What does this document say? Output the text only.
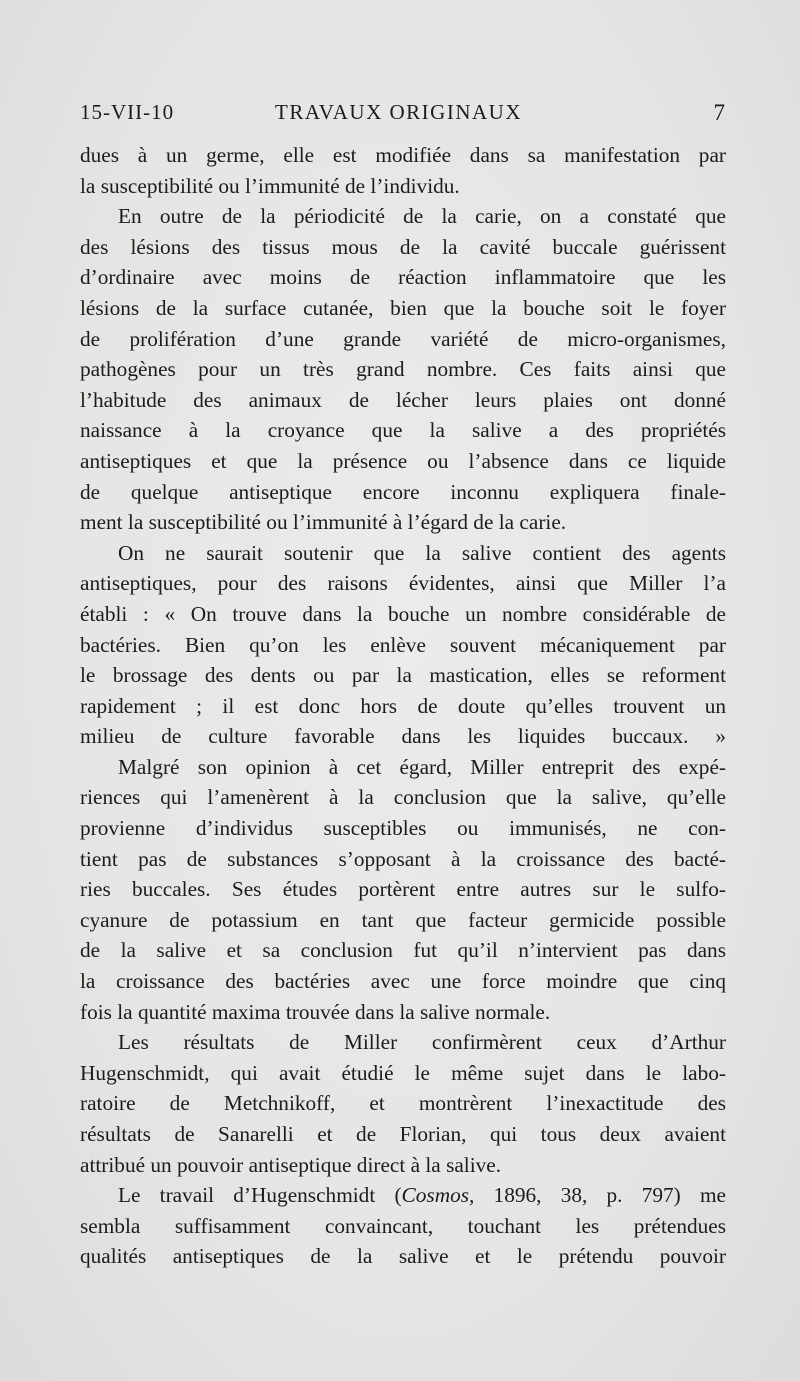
15-VII-10	TRAVAUX ORIGINAUX	7
dues à un germe, elle est modifiée dans sa manifestation par
la susceptibilité ou l’immunité de l’individu.
En outre de la périodicité de la carie, on a constaté que
des lésions des tissus mous de la cavité buccale guérissent
d’ordinaire avec moins de réaction inflammatoire que les
lésions de la surface cutanée, bien que la bouche soit le foyer
de prolifération d’une grande variété de micro-organismes,
pathogènes pour un très grand nombre. Ces faits ainsi que
l’habitude des animaux de lécher leurs plaies ont donné
naissance à la croyance que la salive a des propriétés
antiseptiques et que la présence ou l’absence dans ce liquide
de quelque antiseptique encore inconnu expliquera finale-
ment la susceptibilité ou l’immunité à l’égard de la carie.
On ne saurait soutenir que la salive contient des agents
antiseptiques, pour des raisons évidentes, ainsi que Miller l’a
établi : « On trouve dans la bouche un nombre considérable de
bactéries. Bien qu’on les enlève souvent mécaniquement par
le brossage des dents ou par la mastication, elles se reforment
rapidement ; il est donc hors de doute qu’elles trouvent un
milieu de culture favorable dans les liquides buccaux. »
Malgré son opinion à cet égard, Miller entreprit des expé-
riences qui l’amenèrent à la conclusion que la salive, qu’elle
provienne d’individus susceptibles ou immunisés, ne con-
tient pas de substances s’opposant à la croissance des bacté-
ries buccales. Ses études portèrent entre autres sur le sulfo-
cyanure de potassium en tant que facteur germicide possible
de la salive et sa conclusion fut qu’il n’intervient pas dans
la croissance des bactéries avec une force moindre que cinq
fois la quantité maxima trouvée dans la salive normale.
Les résultats de Miller confirmèrent ceux d’Arthur
Hugenschmidt, qui avait étudié le même sujet dans le labo-
ratoire de Metchnikoff, et montrèrent l’inexactitude des
résultats de Sanarelli et de Florian, qui tous deux avaient
attribué un pouvoir antiseptique direct à la salive.
Le travail d’Hugenschmidt (Cosmos, 1896, 38, p. 797) me
sembla suffisamment convaincant, touchant les prétendues
qualités antiseptiques de la salive et le prétendu pouvoir
